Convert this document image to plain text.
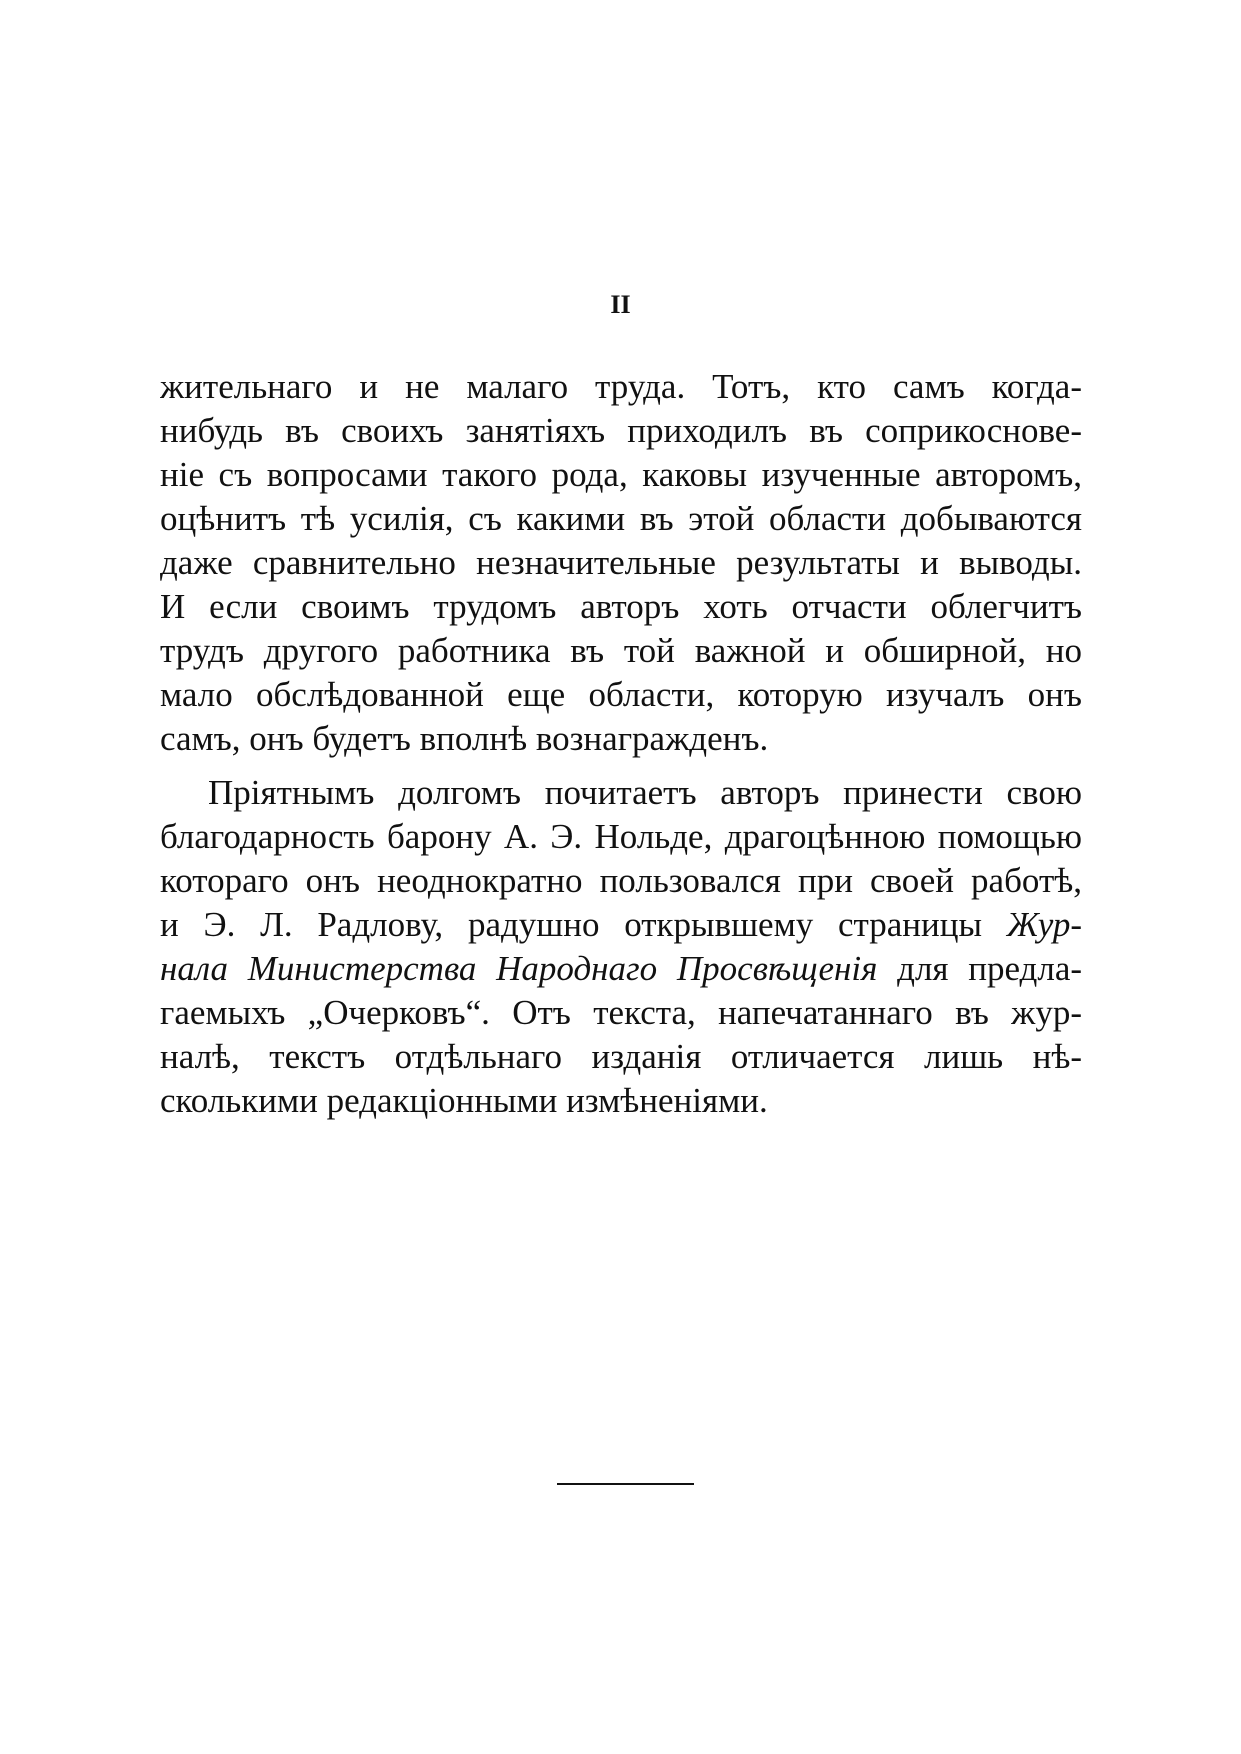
II
жительнаго и не малаго труда. Тотъ, кто самъ когда-
нибудь въ своихъ занятіяхъ приходилъ въ соприкоснове-
ніе съ вопросами такого рода, каковы изученные авторомъ,
оцѣнитъ тѣ усилія, съ какими въ этой области добываются
даже сравнительно незначительные результаты и выводы.
И если своимъ трудомъ авторъ хоть отчасти облегчитъ
трудъ другого работника въ той важной и обширной, но
мало обслѣдованной еще области, которую изучалъ онъ
самъ, онъ будетъ вполнѣ вознагражденъ.
Пріятнымъ долгомъ почитаетъ авторъ принести свою
благодарность барону А. Э. Нольде, драгоцѣнною помощью
котораго онъ неоднократно пользовался при своей работѣ,
и Э. Л. Радлову, радушно открывшему страницы Жур-
нала Министерства Народнаго Просвѣщенія для предла-
гаемыхъ „Очерковъ“. Отъ текста, напечатаннаго въ жур-
налѣ, текстъ отдѣльнаго изданія отличается лишь нѣ-
сколькими редакціонными измѣненіями.
